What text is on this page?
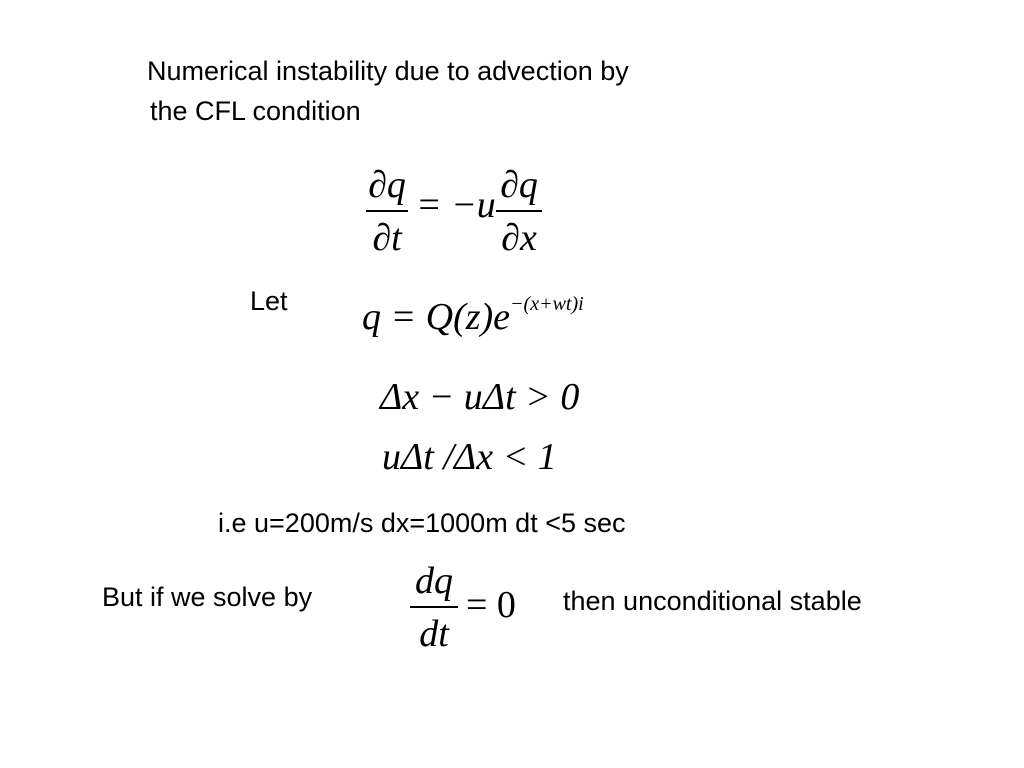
Numerical instability due to advection by
the CFL condition
∂q
∂t
= −u ∂q
∂x
Let $q = Q(z)e^{-(x+wt)i}$
Δx − uΔt > 0
uΔt /Δx < 1
i.e u=200m/s dx=1000m dt <5 sec
But if we solve by	dq
dt
= 0 then unconditional stable
